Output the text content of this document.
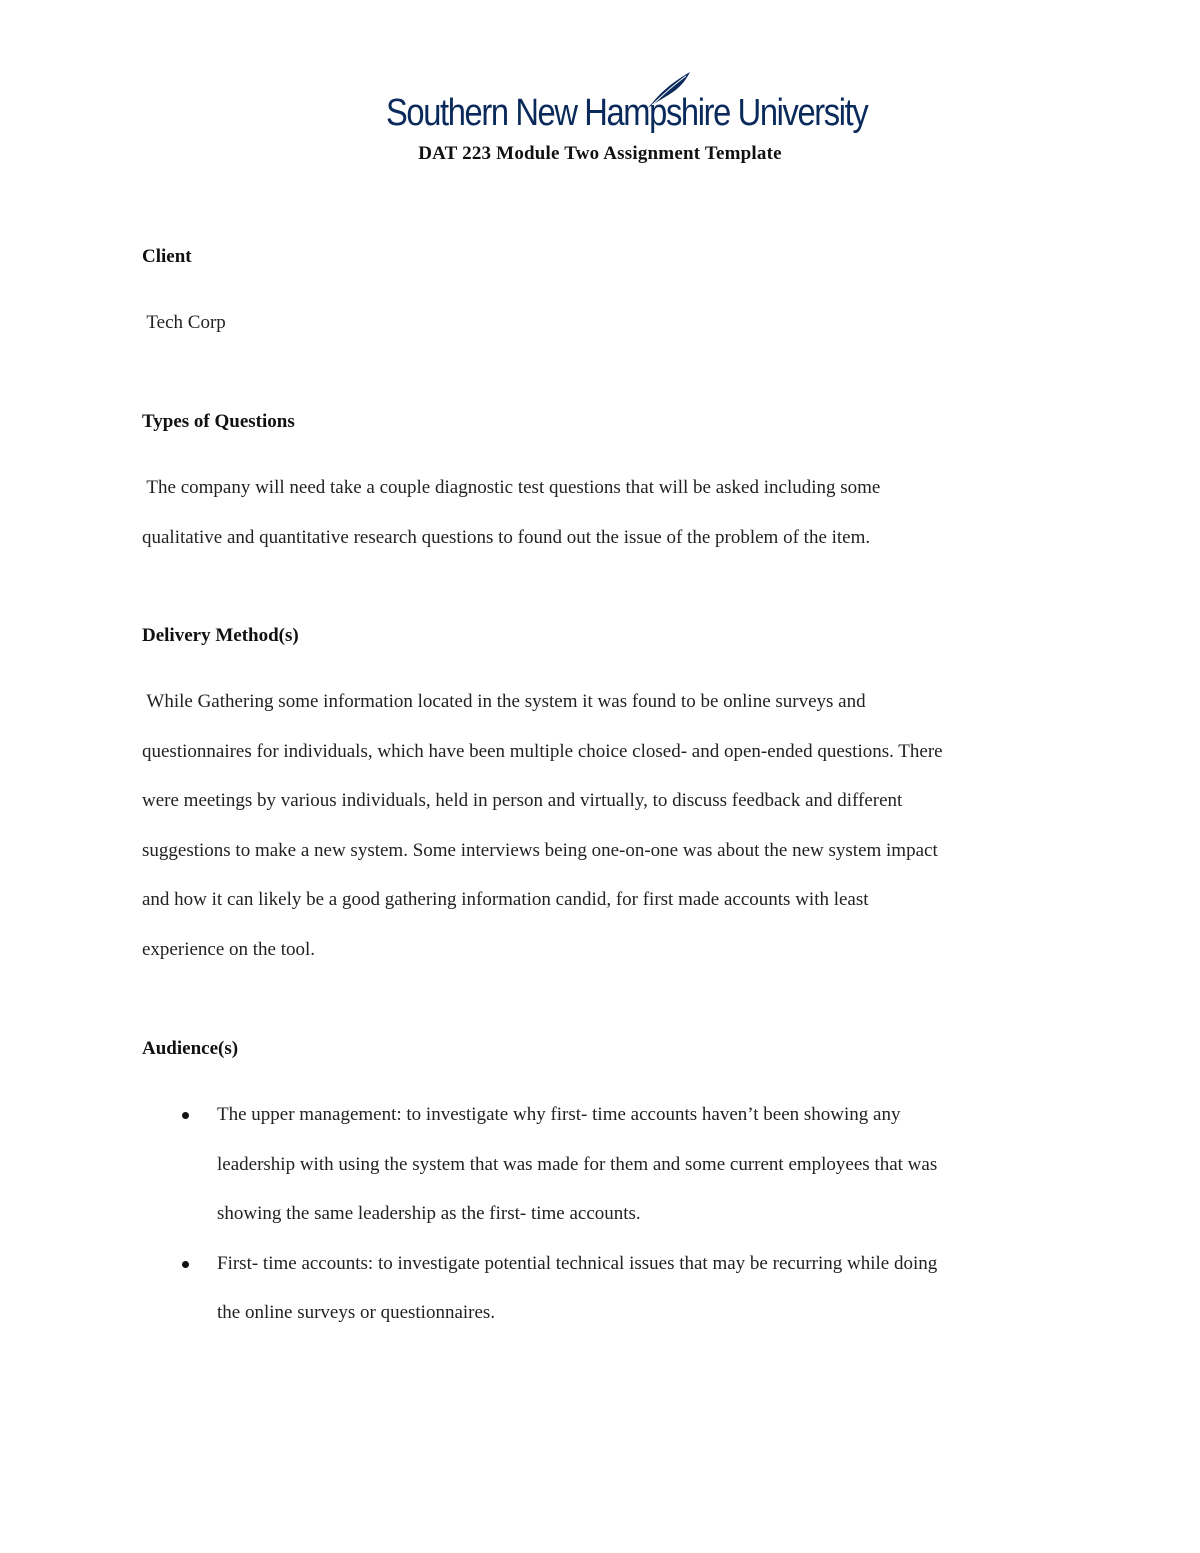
Southern New Hampshire University
DAT 223 Module Two Assignment Template
Client
Tech Corp
Types of Questions
The company will need take a couple diagnostic test questions that will be asked including some
qualitative and quantitative research questions to found out the issue of the problem of the item.
Delivery Method(s)
While Gathering some information located in the system it was found to be online surveys and
questionnaires for individuals, which have been multiple choice closed- and open-ended questions. There
were meetings by various individuals, held in person and virtually, to discuss feedback and different
suggestions to make a new system. Some interviews being one-on-one was about the new system impact
and how it can likely be a good gathering information candid, for first made accounts with least
experience on the tool.
Audience(s)
The upper management: to investigate why first- time accounts haven’t been showing any
leadership with using the system that was made for them and some current employees that was
showing the same leadership as the first- time accounts.
First- time accounts: to investigate potential technical issues that may be recurring while doing
the online surveys or questionnaires.
